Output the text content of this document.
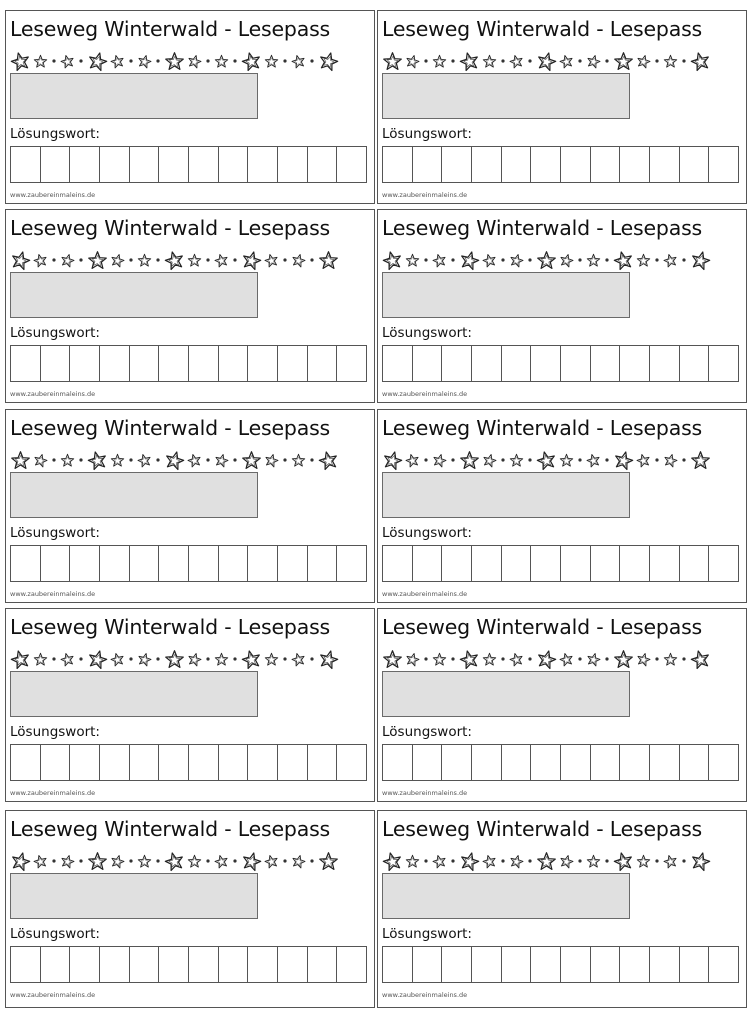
Leseweg Winterwald - Lesepass
Lösungswort:
www.zaubereinmaleins.de
Leseweg Winterwald - Lesepass
Lösungswort:
www.zaubereinmaleins.de
Leseweg Winterwald - Lesepass
Lösungswort:
www.zaubereinmaleins.de
Leseweg Winterwald - Lesepass
Lösungswort:
www.zaubereinmaleins.de
Leseweg Winterwald - Lesepass
Lösungswort:
www.zaubereinmaleins.de
Leseweg Winterwald - Lesepass
Lösungswort:
www.zaubereinmaleins.de
Leseweg Winterwald - Lesepass
Lösungswort:
www.zaubereinmaleins.de
Leseweg Winterwald - Lesepass
Lösungswort:
www.zaubereinmaleins.de
Leseweg Winterwald - Lesepass
Lösungswort:
www.zaubereinmaleins.de
Leseweg Winterwald - Lesepass
Lösungswort:
www.zaubereinmaleins.de
